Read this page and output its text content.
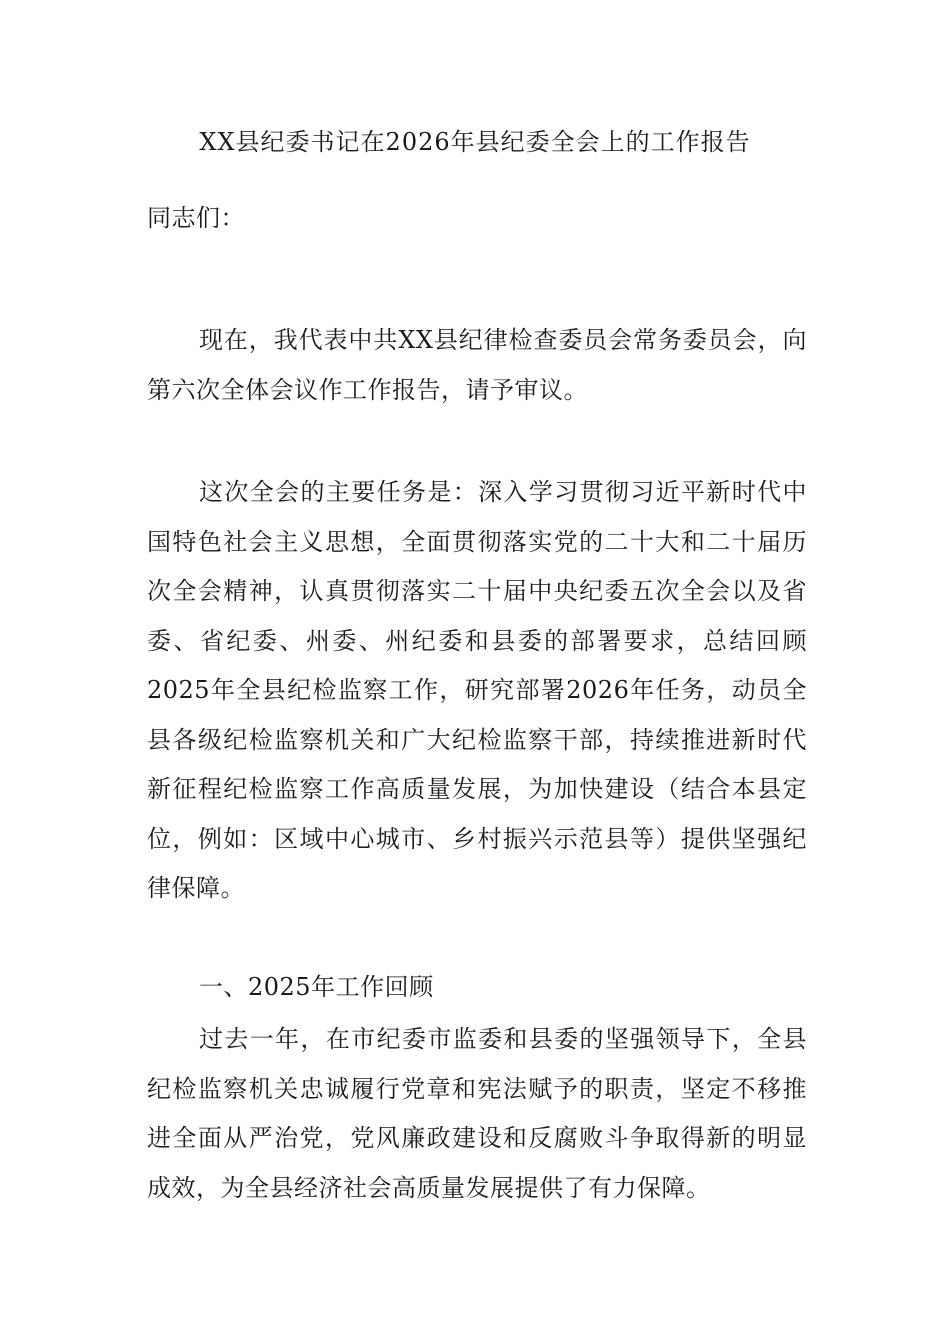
XX县纪委书记在2026年县纪委全会上的工作报告

同志们：

现在，我代表中共XX县纪律检查委员会常务委员会，向第六次全体会议作工作报告，请予审议。

这次全会的主要任务是：深入学习贯彻习近平新时代中国特色社会主义思想，全面贯彻落实党的二十大和二十届历次全会精神，认真贯彻落实二十届中央纪委五次全会以及省委、省纪委、州委、州纪委和县委的部署要求，总结回顾2025年全县纪检监察工作，研究部署2026年任务，动员全县各级纪检监察机关和广大纪检监察干部，持续推进新时代新征程纪检监察工作高质量发展，为加快建设（结合本县定位，例如：区域中心城市、乡村振兴示范县等）提供坚强纪律保障。

一、2025年工作回顾

过去一年，在市纪委市监委和县委的坚强领导下，全县纪检监察机关忠诚履行党章和宪法赋予的职责，坚定不移推进全面从严治党，党风廉政建设和反腐败斗争取得新的明显成效，为全县经济社会高质量发展提供了有力保障。
